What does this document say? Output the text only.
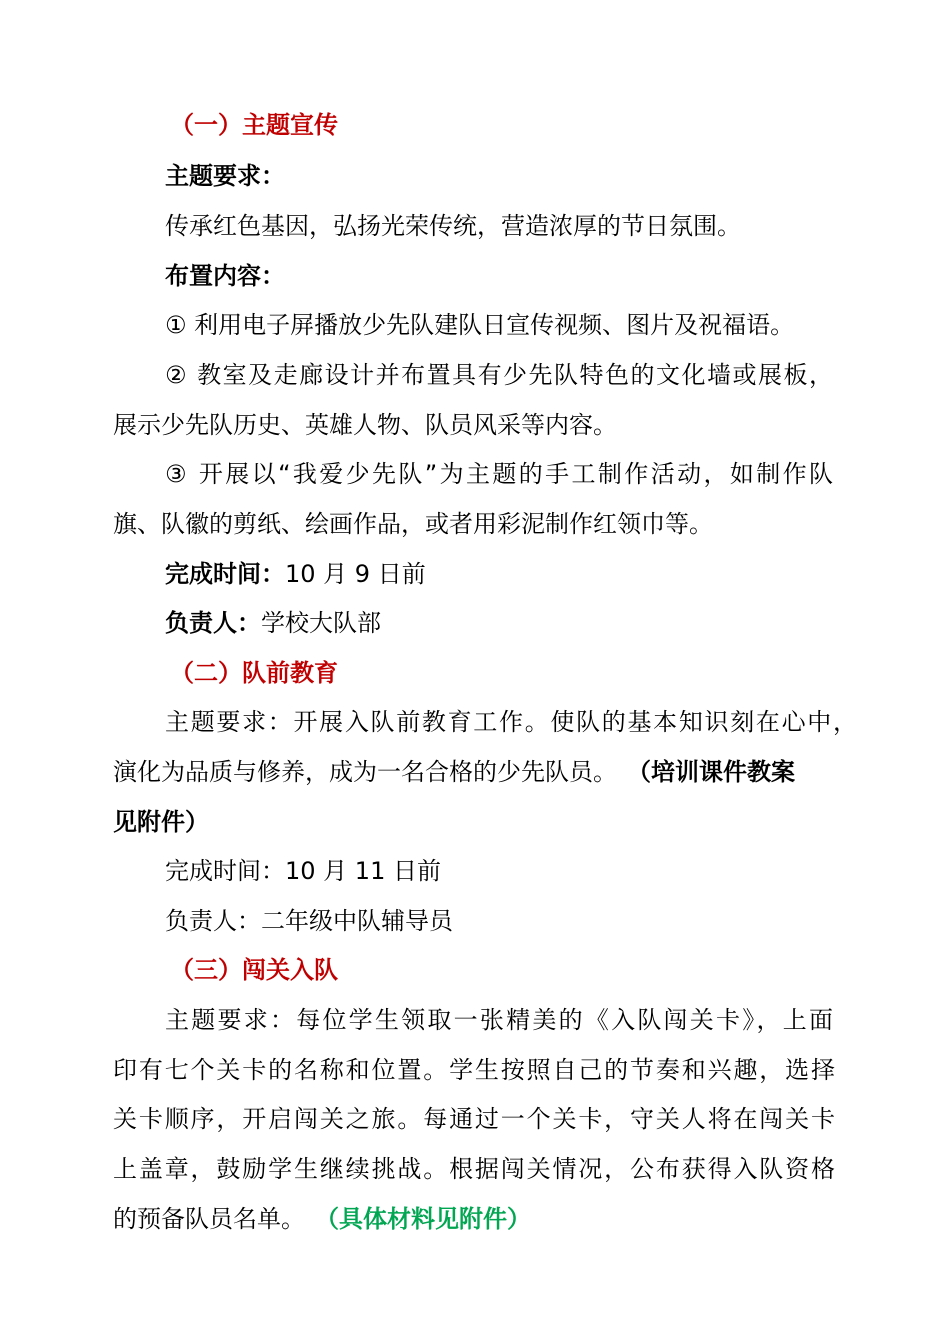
（一）主题宣传
主题要求：
传承红色基因，弘扬光荣传统，营造浓厚的节日氛围。
布置内容：
① 利用电子屏播放少先队建队日宣传视频、图片及祝福语。
② 教室及走廊设计并布置具有少先队特色的文化墙或展板，
展示少先队历史、英雄人物、队员风采等内容。
③ 开展以“我爱少先队”为主题的手工制作活动，如制作队
旗、队徽的剪纸、绘画作品，或者用彩泥制作红领巾等。
完成时间：10 月 9 日前
负责人：学校大队部
（二）队前教育
主题要求：开展入队前教育工作。使队的基本知识刻在心中，
演化为品质与修养，成为一名合格的少先队员。 （培训课件教案
见附件）
完成时间：10 月 11 日前
负责人：二年级中队辅导员
（三）闯关入队
主题要求：每位学生领取一张精美的《入队闯关卡》，上面
印有七个关卡的名称和位置。学生按照自己的节奏和兴趣，选择
关卡顺序，开启闯关之旅。每通过一个关卡，守关人将在闯关卡
上盖章，鼓励学生继续挑战。根据闯关情况，公布获得入队资格
的预备队员名单。 （具体材料见附件）
